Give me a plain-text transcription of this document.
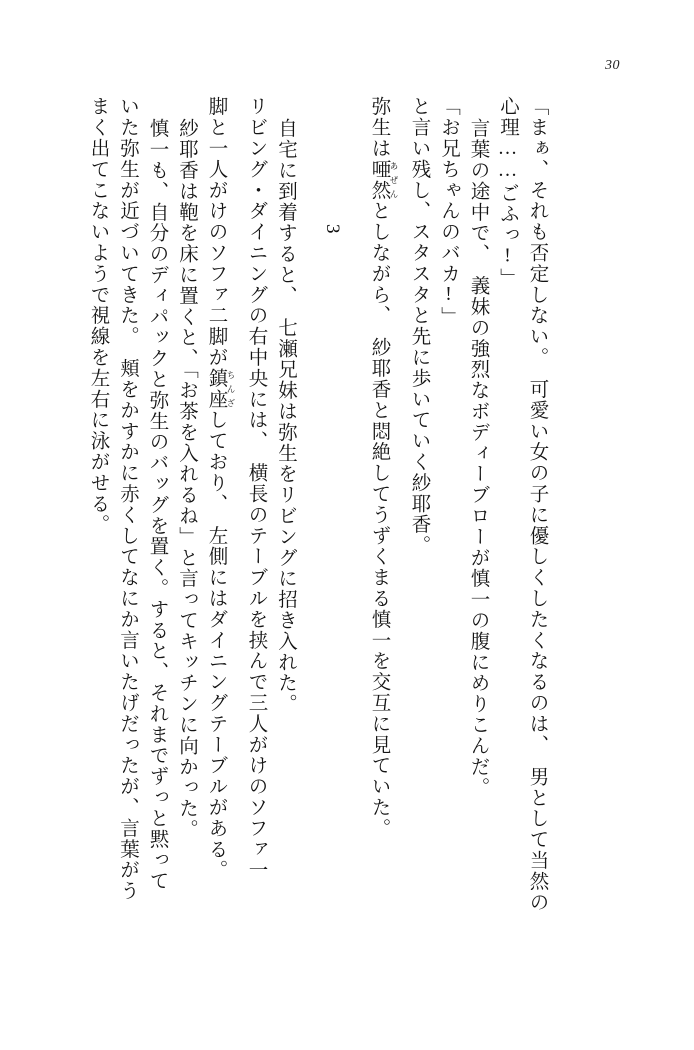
30
まく出てこないようで視線を左右に泳がせる。 いた弥生が近づいてきた。　頬をかすかに赤くしてなにか言いたげだったが、言葉がう 慎一も、自分のディパックと弥生のバッグを置く。すると、それまでずっと黙って 紗耶香は鞄を床に置くと、「お茶を入れるね」と言ってキッチンに向かった。 脚と一人がけのソファ二脚が鎮座 ちんざしており、　左側にはダイニングテーブルがある。 リビング・ダイニングの右中央には、　横長のテーブルを挟んで三人がけのソファ一 自宅に到着すると、　七瀬兄妹は弥生をリビングに招き入れた。 3
弥生は唖然 あぜんとしながら、　紗耶香と悶絶してうずくまる慎一を交互に見ていた。 と言い残し、スタスタと先に歩いていく紗耶香。 「お兄ちゃんのバカ!」 言葉の途中で、　義妹の強烈なボディーブローが慎一の腹にめりこんだ。 心理……ごふっ!」 「まぁ、それも否定しない。　可愛い女の子に優しくしたくなるのは、　男として当然の
